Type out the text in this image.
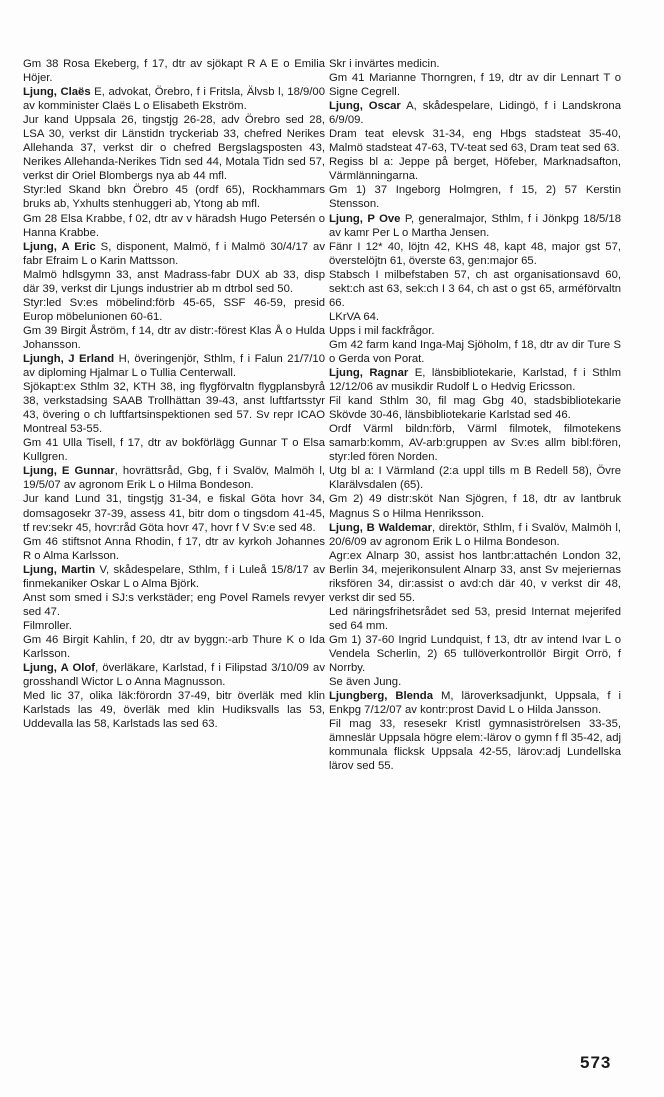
Gm 38 Rosa Ekeberg, f 17, dtr av sjökapt R A E o Emilia Höjer.

Ljung, Claës E, advokat, Örebro, f i Fritsla, Älvsb l, 18/9/00 av komminister Claës L o Elisabeth Ekström.

Jur kand Uppsala 26, tingstjg 26-28, adv Örebro sed 28, LSA 30, verkst dir Länstidn tryckeriab 33, chefred Nerikes Allehanda 37, verkst dir o chefred Bergslagsposten 43, Nerikes Allehanda-Nerikes Tidn sed 44, Motala Tidn sed 57, verkst dir Oriel Blombergs nya ab 44 mfl.

Styr:led Skand bkn Örebro 45 (ordf 65), Rockhammars bruks ab, Yxhults stenhuggeri ab, Ytong ab mfl.

Gm 28 Elsa Krabbe, f 02, dtr av v häradsh Hugo Petersén o Hanna Krabbe.

Ljung, A Eric S, disponent, Malmö, f i Malmö 30/4/17 av fabr Efraim L o Karin Mattsson.

Malmö hdlsgymn 33, anst Madrass-fabr DUX ab 33, disp där 39, verkst dir Ljungs industrier ab m dtrbol sed 50.

Styr:led Sv:es möbelind:förb 45-65, SSF 46-59, presid Europ möbelunionen 60-61.

Gm 39 Birgit Åström, f 14, dtr av distr:-förest Klas Å o Hulda Johansson.

Ljungh, J Erland H, överingenjör, Sthlm, f i Falun 21/7/10 av diploming Hjalmar L o Tullia Centerwall.

Sjökapt:ex Sthlm 32, KTH 38, ing flygförvaltn flygplansbyrå 38, verkstadsing SAAB Trollhättan 39-43, anst luftfartsstyr 43, övering o ch luftfartsinspektionen sed 57. Sv repr ICAO Montreal 53-55.

Gm 41 Ulla Tisell, f 17, dtr av bokförlägg Gunnar T o Elsa Kullgren.

Ljung, E Gunnar, hovrättsråd, Gbg, f i Svalöv, Malmöh l, 19/5/07 av agronom Erik L o Hilma Bondeson.

Jur kand Lund 31, tingstjg 31-34, e fiskal Göta hovr 34, domsagosekr 37-39, assess 41, bitr dom o tingsdom 41-45, tf rev:sekr 45, hovr:råd Göta hovr 47, hovr f V Sv:e sed 48.

Gm 46 stiftsnot Anna Rhodin, f 17, dtr av kyrkoh Johannes R o Alma Karlsson.

Ljung, Martin V, skådespelare, Sthlm, f i Luleå 15/8/17 av finmekaniker Oskar L o Alma Björk.

Anst som smed i SJ:s verkstäder; eng Povel Ramels revyer sed 47.

Filmroller.

Gm 46 Birgit Kahlin, f 20, dtr av byggn:-arb Thure K o Ida Karlsson.

Ljung, A Olof, överläkare, Karlstad, f i Filipstad 3/10/09 av grosshandl Wictor L o Anna Magnusson.

Med lic 37, olika läk:förordn 37-49, bitr överläk med klin Karlstads las 49, överläk med klin Hudiksvalls las 53, Uddevalla las 58, Karlstads las sed 63.

Skr i invärtes medicin.

Gm 41 Marianne Thorngren, f 19, dtr av dir Lennart T o Signe Cegrell.

Ljung, Oscar A, skådespelare, Lidingö, f i Landskrona 6/9/09.

Dram teat elevsk 31-34, eng Hbgs stadsteat 35-40, Malmö stadsteat 47-63, TV-teat sed 63, Dram teat sed 63.

Regiss bl a: Jeppe på berget, Höfeber, Marknadsafton, Värmlänningarna.

Gm 1) 37 Ingeborg Holmgren, f 15, 2) 57 Kerstin Stensson.

Ljung, P Ove P, generalmajor, Sthlm, f i Jönkpg 18/5/18 av kamr Per L o Martha Jensen.

Fänr I 12* 40, löjtn 42, KHS 48, kapt 48, major gst 57, överstelöjtn 61, överste 63, gen:major 65.

Stabsch I milbefstaben 57, ch ast organisationsavd 60, sekt:ch ast 63, sek:ch I 3 64, ch ast o gst 65, arméförvaltn 66.

LKrVA 64.

Upps i mil fackfrågor.

Gm 42 farm kand Inga-Maj Sjöholm, f 18, dtr av dir Ture S o Gerda von Porat.

Ljung, Ragnar E, länsbibliotekarie, Karlstad, f i Sthlm 12/12/06 av musikdir Rudolf L o Hedvig Ericsson.

Fil kand Sthlm 30, fil mag Gbg 40, stadsbibliotekarie Skövde 30-46, länsbibliotekarie Karlstad sed 46.

Ordf Värml bildn:förb, Värml filmotek, filmotekens samarb:komm, AV-arb:gruppen av Sv:es allm bibl:fören, styr:led fören Norden.

Utg bl a: I Värmland (2:a uppl tills m B Redell 58), Övre Klarälvsdalen (65).

Gm 2) 49 distr:sköt Nan Sjögren, f 18, dtr av lantbruk Magnus S o Hilma Henriksson.

Ljung, B Waldemar, direktör, Sthlm, f i Svalöv, Malmöh l, 20/6/09 av agronom Erik L o Hilma Bondeson.

Agr:ex Alnarp 30, assist hos lantbr:attachén London 32, Berlin 34, mejerikonsulent Alnarp 33, anst Sv mejeriernas riksfören 34, dir:assist o avd:ch där 40, v verkst dir 48, verkst dir sed 55.

Led näringsfrihetsrådet sed 53, presid Internat mejerifed sed 64 mm.

Gm 1) 37-60 Ingrid Lundquist, f 13, dtr av intend Ivar L o Vendela Scherlin, 2) 65 tullöverkontrollör Birgit Orrö, f Norrby.

Se även Jung.

Ljungberg, Blenda M, läroverksadjunkt, Uppsala, f i Enkpg 7/12/07 av kontr:prost David L o Hilda Jansson.

Fil mag 33, resesekr Kristl gymnasiströrelsen 33-35, ämneslär Uppsala högre elem:-lärov o gymn f fl 35-42, adj kommunala flicksk Uppsala 42-55, lärov:adj Lundellska lärov sed 55.

573
